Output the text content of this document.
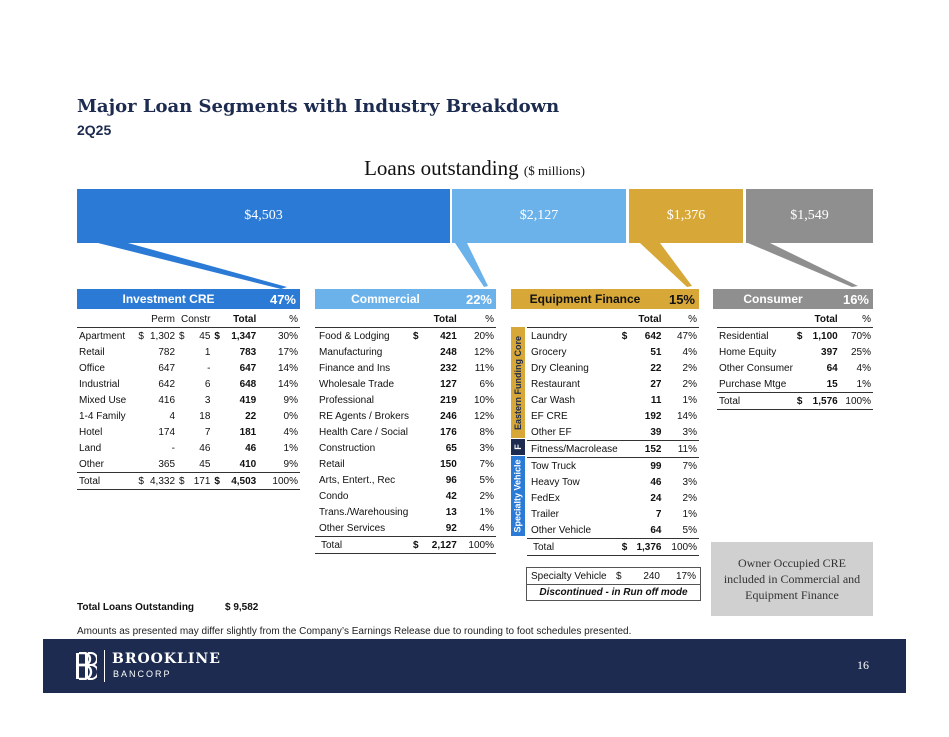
Major Loan Segments with Industry Breakdown
2Q25
Loans outstanding ($ millions)
$4,503	$2,127	$1,376	$1,549
Investment CRE	47%
	Perm		Constr		Total		%
Apartment	$	1,302	$	45	$	1,347	30%
Retail		782		1		783	17%
Office		647		-		647	14%
Industrial		642		6		648	14%
Mixed Use		416		3		419	9%
1-4 Family		4		18		22	0%
Hotel		174		7		181	4%
Land		-		46		46	1%
Other		365		45		410	9%
Total	$	4,332	$	171	$	4,503	100%
Commercial	22%
		Total	%
Food & Lodging	$	421	20%
Manufacturing		248	12%
Finance and Ins		232	11%
Wholesale Trade		127	6%
Professional		219	10%
RE Agents / Brokers		246	12%
Health Care / Social		176	8%
Construction		65	3%
Retail		150	7%
Arts, Entert., Rec		96	5%
Condo		42	2%
Trans./Warehousing		13	1%
Other Services		92	4%
Total	$	2,127	100%
Equipment Finance	15%
Eastern Funding Core
F
Specialty Vehicle
		Total	%
Laundry	$	642	47%
Grocery		51	4%
Dry Cleaning		22	2%
Restaurant		27	2%
Car Wash		11	1%
EF CRE		192	14%
Other EF		39	3%
Fitness/Macrolease		152	11%
Tow Truck		99	7%
Heavy Tow		46	3%
FedEx		24	2%
Trailer		7	1%
Other Vehicle		64	5%
Total	$	1,376	100%
Consumer	16%
		Total	%
Residential	$	1,100	70%
Home Equity		397	25%
Other Consumer		64	4%
Purchase Mtge		15	1%
Total	$	1,576	100%
Specialty Vehicle $	240	17%
Discontinued - in Run off mode
Owner Occupied CRE included in Commercial and Equipment Finance
Total Loans Outstanding	$ 9,582
Amounts as presented may differ slightly from the Company’s Earnings Release due to rounding to foot schedules presented.
BROOKLINE
BANCORP
16
